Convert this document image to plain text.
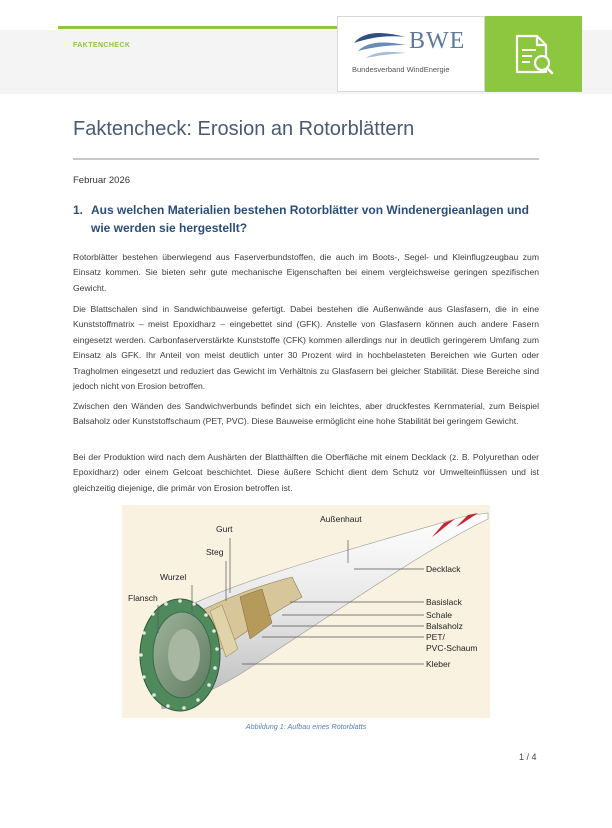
FAKTENCHECK	BWE
Bundesverband WindEnergie
Faktencheck: Erosion an Rotorblättern
Februar 2026
1. Aus welchen Materialien bestehen Rotorblätter von Windenergieanlagen und wie werden sie hergestellt?
Rotorblätter bestehen überwiegend aus Faserverbundstoffen, die auch im Boots-, Segel- und Kleinflugzeugbau zum Einsatz kommen. Sie bieten sehr gute mechanische Eigenschaften bei einem vergleichsweise geringen spezifischen Gewicht.
Die Blattschalen sind in Sandwichbauweise gefertigt. Dabei bestehen die Außenwände aus Glasfasern, die in eine Kunststoffmatrix – meist Epoxidharz – eingebettet sind (GFK). Anstelle von Glasfasern können auch andere Fasern eingesetzt werden. Carbonfaserverstärkte Kunststoffe (CFK) kommen allerdings nur in deutlich geringerem Umfang zum Einsatz als GFK. Ihr Anteil von meist deutlich unter 30 Prozent wird in hochbelasteten Bereichen wie Gurten oder Tragholmen eingesetzt und reduziert das Gewicht im Verhältnis zu Glasfasern bei gleicher Stabilität. Diese Bereiche sind jedoch nicht von Erosion betroffen.
Zwischen den Wänden des Sandwichverbunds befindet sich ein leichtes, aber druckfestes Kernmaterial, zum Beispiel Balsaholz oder Kunststoffschaum (PET, PVC). Diese Bauweise ermöglicht eine hohe Stabilität bei geringem Gewicht.
Bei der Produktion wird nach dem Aushärten der Blatthälften die Oberfläche mit einem Decklack (z. B. Polyurethan oder Epoxidharz) oder einem Gelcoat beschichtet. Diese äußere Schicht dient dem Schutz vor Umwelteinflüssen und ist gleichzeitig diejenige, die primär von Erosion betroffen ist.
Gurt
Außenhaut
Steg
Wurzel
Flansch
Decklack
Basislack
Schale
Balsaholz
PET/
PVC-Schaum
Kleber
Abbildung 1: Aufbau eines Rotorblatts
1 / 4
